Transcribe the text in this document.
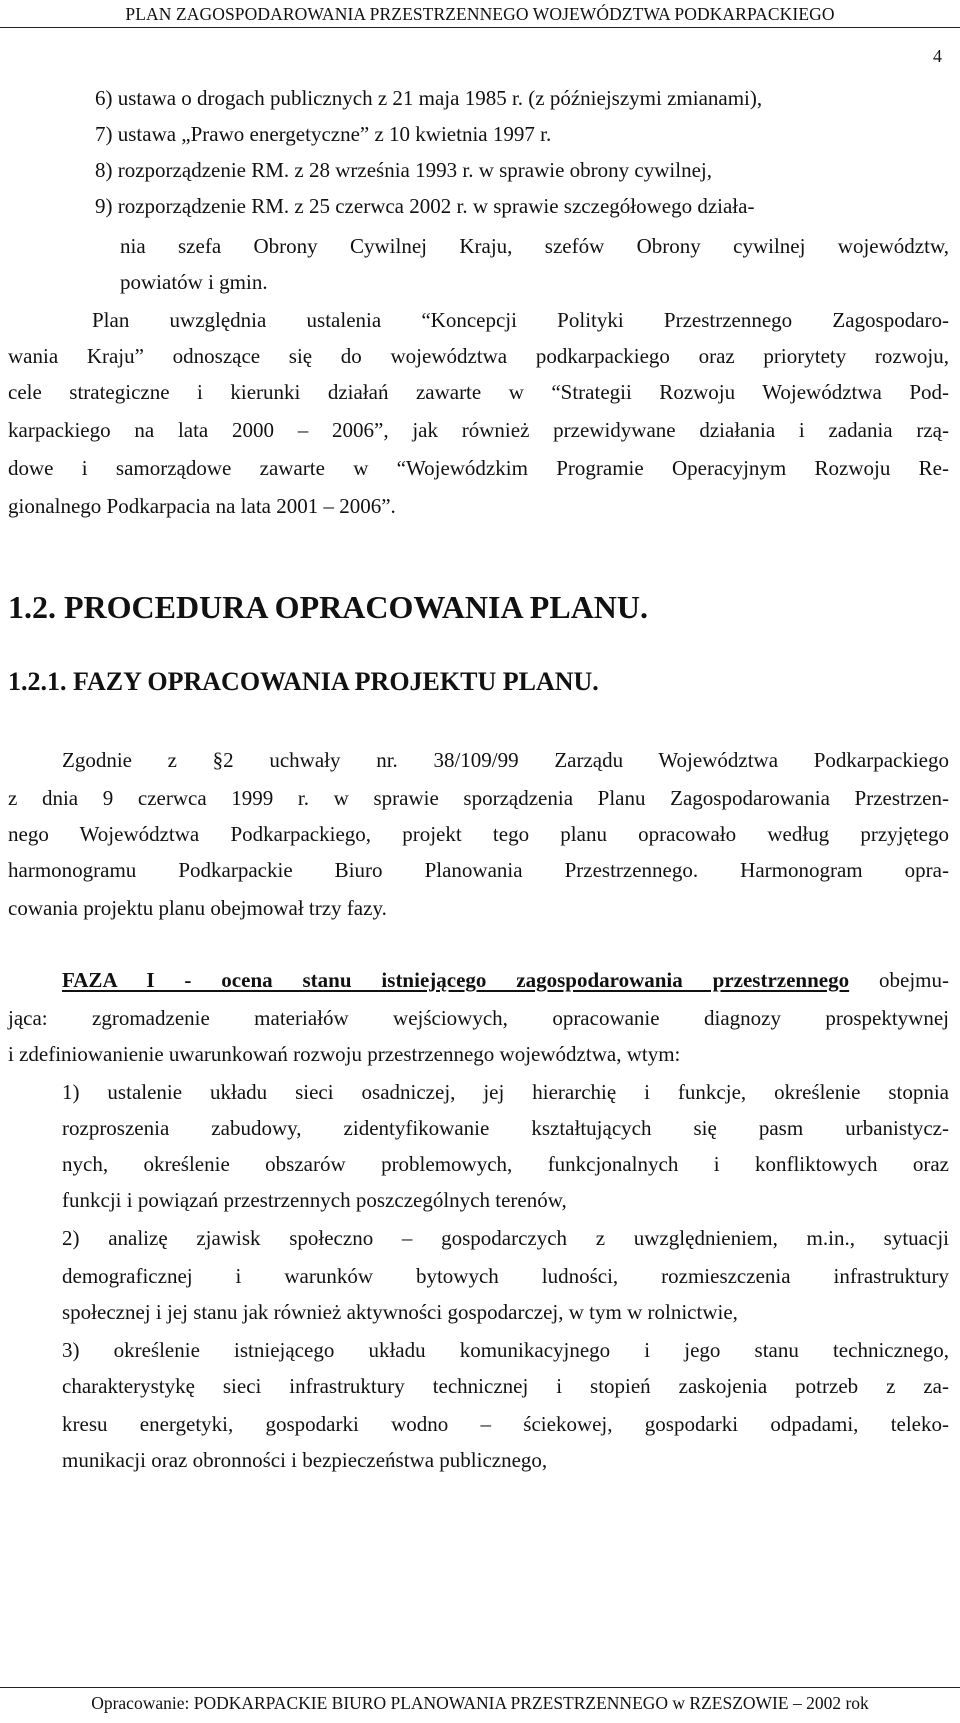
PLAN ZAGOSPODAROWANIA PRZESTRZENNEGO WOJEWÓDZTWA PODKARPACKIEGO
4
6) ustawa o drogach publicznych z 21 maja 1985 r. (z późniejszymi zmianami),
7) ustawa „Prawo energetyczne” z 10 kwietnia 1997 r.
8) rozporządzenie RM. z 28 września 1993 r. w sprawie obrony cywilnej,
9) rozporządzenie RM. z 25 czerwca 2002 r. w sprawie szczegółowego działa-
nia szefa Obrony Cywilnej Kraju, szefów Obrony cywilnej województw,
powiatów i gmin.
Plan uwzględnia ustalenia “Koncepcji Polityki Przestrzennego Zagospodaro-
wania Kraju” odnoszące się do województwa podkarpackiego oraz priorytety rozwoju,
cele strategiczne i kierunki działań zawarte w “Strategii Rozwoju Województwa Pod-
karpackiego na lata 2000 – 2006”, jak również przewidywane działania i zadania rzą-
dowe i samorządowe zawarte w “Wojewódzkim Programie Operacyjnym Rozwoju Re-
gionalnego Podkarpacia na lata 2001 – 2006”.
1.2. PROCEDURA OPRACOWANIA PLANU.
1.2.1. FAZY OPRACOWANIA PROJEKTU PLANU.
Zgodnie z §2 uchwały nr. 38/109/99 Zarządu Województwa Podkarpackiego
z dnia 9 czerwca 1999 r. w sprawie sporządzenia Planu Zagospodarowania Przestrzen-
nego Województwa Podkarpackiego, projekt tego planu opracowało według przyjętego
harmonogramu Podkarpackie Biuro Planowania Przestrzennego. Harmonogram opra-
cowania projektu planu obejmował trzy fazy.
FAZA I - ocena stanu istniejącego zagospodarowania przestrzennego obejmu-
jąca: zgromadzenie materiałów wejściowych, opracowanie diagnozy prospektywnej
i zdefiniowanienie uwarunkowań rozwoju przestrzennego województwa, wtym:
1) ustalenie układu sieci osadniczej, jej hierarchię i funkcje, określenie stopnia
rozproszenia zabudowy, zidentyfikowanie kształtujących się pasm urbanistycz-
nych, określenie obszarów problemowych, funkcjonalnych i konfliktowych oraz
funkcji i powiązań przestrzennych poszczególnych terenów,
2) analizę zjawisk społeczno – gospodarczych z uwzględnieniem, m.in., sytuacji
demograficznej i warunków bytowych ludności, rozmieszczenia infrastruktury
społecznej i jej stanu jak również aktywności gospodarczej, w tym w rolnictwie,
3) określenie istniejącego układu komunikacyjnego i jego stanu technicznego,
charakterystykę sieci infrastruktury technicznej i stopień zaskojenia potrzeb z za-
kresu energetyki, gospodarki wodno – ściekowej, gospodarki odpadami, teleko-
munikacji oraz obronności i bezpieczeństwa publicznego,
Opracowanie: PODKARPACKIE BIURO PLANOWANIA PRZESTRZENNEGO w RZESZOWIE – 2002 rok
